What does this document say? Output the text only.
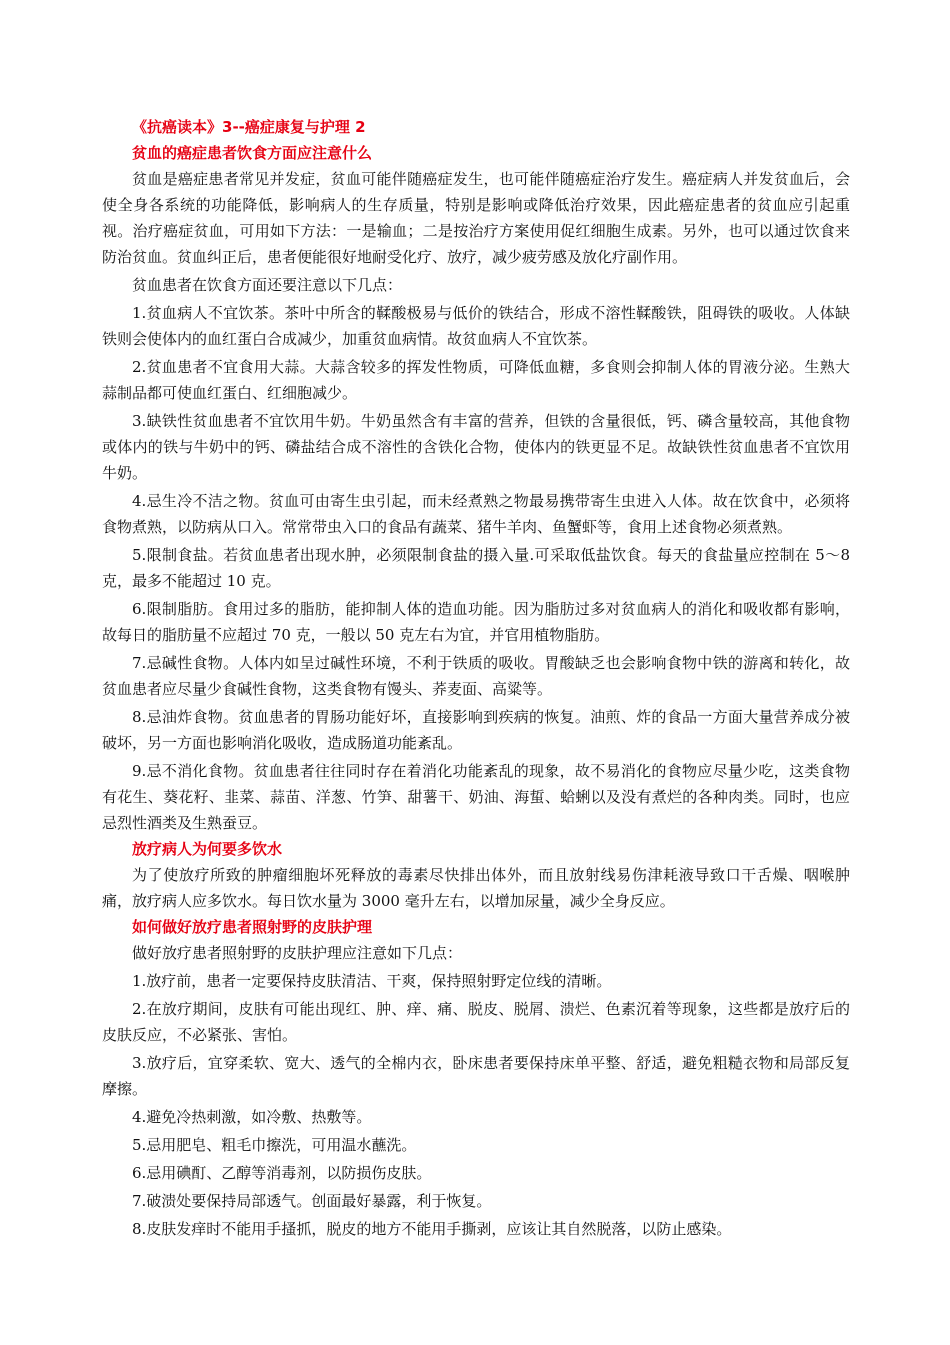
《抗癌读本》3--癌症康复与护理 2
贫血的癌症患者饮食方面应注意什么

贫血是癌症患者常见并发症，贫血可能伴随癌症发生，也可能伴随癌症治疗发生。癌症病人并发贫血后，会使全身各系统的功能降低，影响病人的生存质量，特别是影响或降低治疗效果，因此癌症患者的贫血应引起重视。治疗癌症贫血，可用如下方法：一是输血；二是按治疗方案使用促红细胞生成素。另外，也可以通过饮食来防治贫血。贫血纠正后，患者便能很好地耐受化疗、放疗，减少疲劳感及放化疗副作用。

贫血患者在饮食方面还要注意以下几点：

1.贫血病人不宜饮茶。茶叶中所含的鞣酸极易与低价的铁结合，形成不溶性鞣酸铁，阻碍铁的吸收。人体缺铁则会使体内的血红蛋白合成减少，加重贫血病情。故贫血病人不宜饮茶。

2.贫血患者不宜食用大蒜。大蒜含较多的挥发性物质，可降低血糖，多食则会抑制人体的胃液分泌。生熟大蒜制品都可使血红蛋白、红细胞减少。

3.缺铁性贫血患者不宜饮用牛奶。牛奶虽然含有丰富的营养，但铁的含量很低，钙、磷含量较高，其他食物或体内的铁与牛奶中的钙、磷盐结合成不溶性的含铁化合物，使体内的铁更显不足。故缺铁性贫血患者不宜饮用牛奶。

4.忌生冷不洁之物。贫血可由寄生虫引起，而未经煮熟之物最易携带寄生虫进入人体。故在饮食中，必须将食物煮熟，以防病从口入。常常带虫入口的食品有蔬菜、猪牛羊肉、鱼蟹虾等，食用上述食物必须煮熟。

5.限制食盐。若贫血患者出现水肿，必须限制食盐的摄入量.可采取低盐饮食。每天的食盐量应控制在 5～8 克，最多不能超过 10 克。

6.限制脂肪。食用过多的脂肪，能抑制人体的造血功能。因为脂肪过多对贫血病人的消化和吸收都有影响，故每日的脂肪量不应超过 70 克，一般以 50 克左右为宜，并官用植物脂肪。

7.忌碱性食物。人体内如呈过碱性环境，不利于铁质的吸收。胃酸缺乏也会影响食物中铁的游离和转化，故贫血患者应尽量少食碱性食物，这类食物有馒头、荞麦面、高粱等。

8.忌油炸食物。贫血患者的胃肠功能好坏，直接影响到疾病的恢复。油煎、炸的食品一方面大量营养成分被破坏，另一方面也影响消化吸收，造成肠道功能紊乱。

9.忌不消化食物。贫血患者往往同时存在着消化功能紊乱的现象，故不易消化的食物应尽量少吃，这类食物有花生、葵花籽、韭菜、蒜苗、洋葱、竹笋、甜薯干、奶油、海蜇、蛤蜊以及没有煮烂的各种肉类。同时，也应忌烈性酒类及生熟蚕豆。

放疗病人为何要多饮水

为了使放疗所致的肿瘤细胞坏死释放的毒素尽快排出体外，而且放射线易伤津耗液导致口干舌燥、咽喉肿痛，放疗病人应多饮水。每日饮水量为 3000 毫升左右，以增加尿量，减少全身反应。

如何做好放疗患者照射野的皮肤护理

做好放疗患者照射野的皮肤护理应注意如下几点：

1.放疗前，患者一定要保持皮肤清洁、干爽，保持照射野定位线的清晰。

2.在放疗期间，皮肤有可能出现红、肿、痒、痛、脱皮、脱屑、溃烂、色素沉着等现象，这些都是放疗后的皮肤反应，不必紧张、害怕。

3.放疗后，宜穿柔软、宽大、透气的全棉内衣，卧床患者要保持床单平整、舒适，避免粗糙衣物和局部反复摩擦。

4.避免冷热刺激，如冷敷、热敷等。

5.忌用肥皂、粗毛巾擦洗，可用温水蘸洗。

6.忌用碘酊、乙醇等消毒剂，以防损伤皮肤。

7.破溃处要保持局部透气。创面最好暴露，利于恢复。

8.皮肤发痒时不能用手搔抓，脱皮的地方不能用手撕剥，应该让其自然脱落，以防止感染。
